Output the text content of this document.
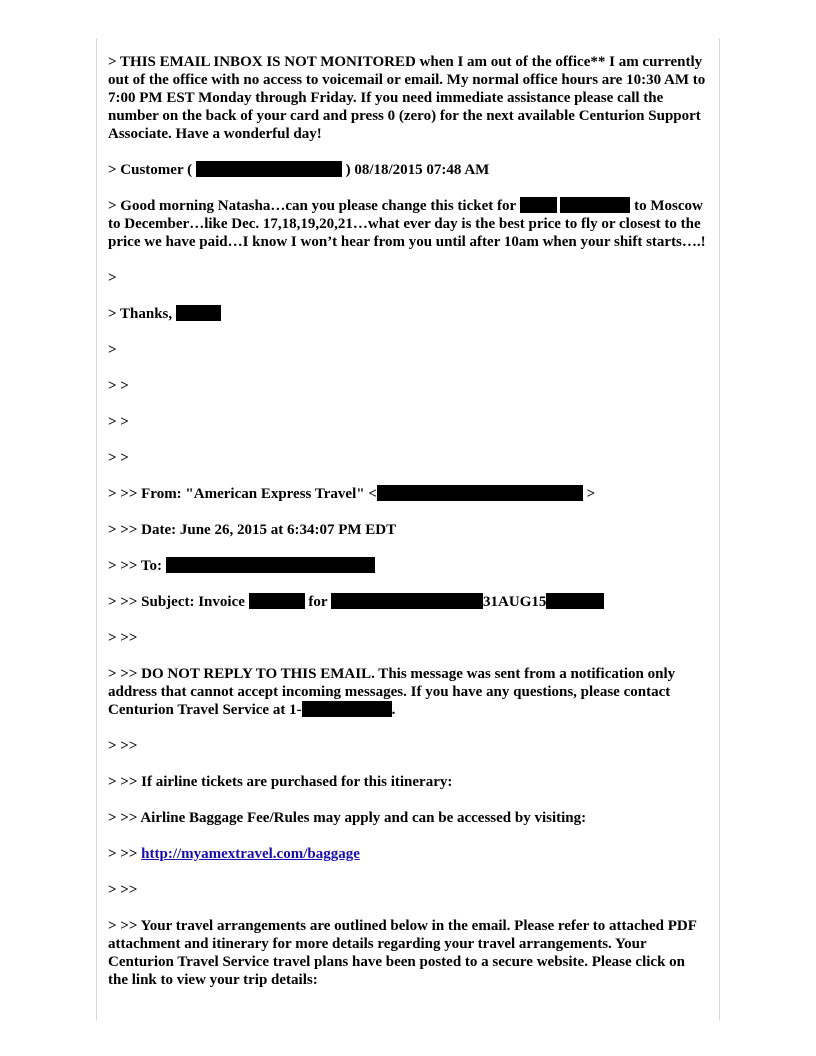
> THIS EMAIL INBOX IS NOT MONITORED when I am out of the office** I am currently out of the office with no access to voicemail or email. My normal office hours are 10:30 AM to 7:00 PM EST Monday through Friday. If you need immediate assistance please call the number on the back of your card and press 0 (zero) for the next available Centurion Support Associate. Have a wonderful day!

> Customer (	) 08/18/2015 07:48 AM

> Good morning Natasha…can you please change this ticket for	to Moscow to December…like Dec. 17,18,19,20,21…what ever day is the best price to fly or closest to the price we have paid…I know I won’t hear from you until after 10am when your shift starts….!

>

> Thanks,

>

> >

> >

> >

> >> From: "American Express Travel" <	>

> >> Date: June 26, 2015 at 6:34:07 PM EDT

> >> To:

> >> Subject: Invoice	for	31AUG15

> >>

> >> DO NOT REPLY TO THIS EMAIL. This message was sent from a notification only address that cannot accept incoming messages. If you have any questions, please contact Centurion Travel Service at 1-	.

> >>

> >> If airline tickets are purchased for this itinerary:

> >> Airline Baggage Fee/Rules may apply and can be accessed by visiting:

> >> http://myamextravel.com/baggage

> >>

> >> Your travel arrangements are outlined below in the email. Please refer to attached PDF attachment and itinerary for more details regarding your travel arrangements. Your Centurion Travel Service travel plans have been posted to a secure website. Please click on the link to view your trip details:
